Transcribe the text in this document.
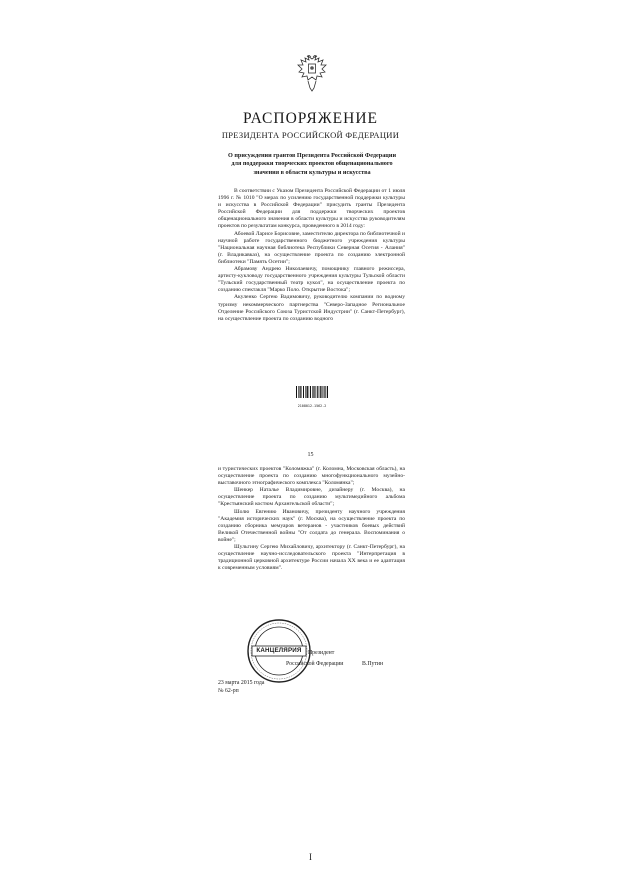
РАСПОРЯЖЕНИЕ
ПРЕЗИДЕНТА РОССИЙСКОЙ ФЕДЕРАЦИИ
О присуждении грантов Президента Российской Федерации
для поддержки творческих проектов общенационального
значения в области культуры и искусства

В соответствии с Указом Президента Российской Федерации от 1 июля 1996 г. № 1010 "О мерах по усилению государственной поддержки культуры и искусства в Российской Федерации" присудить гранты Президента Российской Федерации для поддержки творческих проектов общенационального значения в области культуры и искусства руководителям проектов по результатам конкурса, проведенного в 2014 году:

Абоевой Ларисе Борисовне, заместителю директора по библиотечной и научной работе государственного бюджетного учреждения культуры "Национальная научная библиотека Республики Северная Осетия - Алания" (г. Владикавказ), на осуществление проекта по созданию электронной библиотеки "Память Осетии";

Абрамову Андрею Николаевичу, помощнику главного режиссера, артисту-кукловоду государственного учреждения культуры Тульской области "Тульский государственный театр кукол", на осуществление проекта по созданию спектакля "Марко Поло. Открытие Востока";

Акуленко Сергею Вадимовичу, руководителю компании по водному туризму некоммерческого партнерства "Северо-Западное Региональное Отделение Российского Союза Туристской Индустрии" (г. Санкт-Петербург), на осуществление проекта по созданию водного

2108012-1562-2
15

и туристических проектов "Коломяжка" (г. Коломна, Московская область), на осуществление проекта по созданию многофункционального музейно-выставочного этнографического комплекса "Коломянка";

Шенкер Наталье Владимировне, дизайнеру (г. Москва), на осуществление проекта по созданию мультимедийного альбома "Крестьянский костюм Архангельской области";

Шолю Евгению Ивановичу, президенту научного учреждения "Академия исторических наук" (г. Москва), на осуществление проекта по созданию сборника мемуаров ветеранов - участников боевых действий Великой Отечественной войны "От солдата до генерала. Воспоминания о войне";

Шульгину Сергею Михайловичу, архитектору (г. Санкт-Петербург), на осуществление научно-исследовательского проекта "Интерпретация в традиционной церковной архитектуре России начала XX века и ее адаптация к современным условиям".

КАНЦЕЛЯРИЯ	Президент
Российской Федерации	В.Путин
23 марта 2015 года
№ 62-рп
I
